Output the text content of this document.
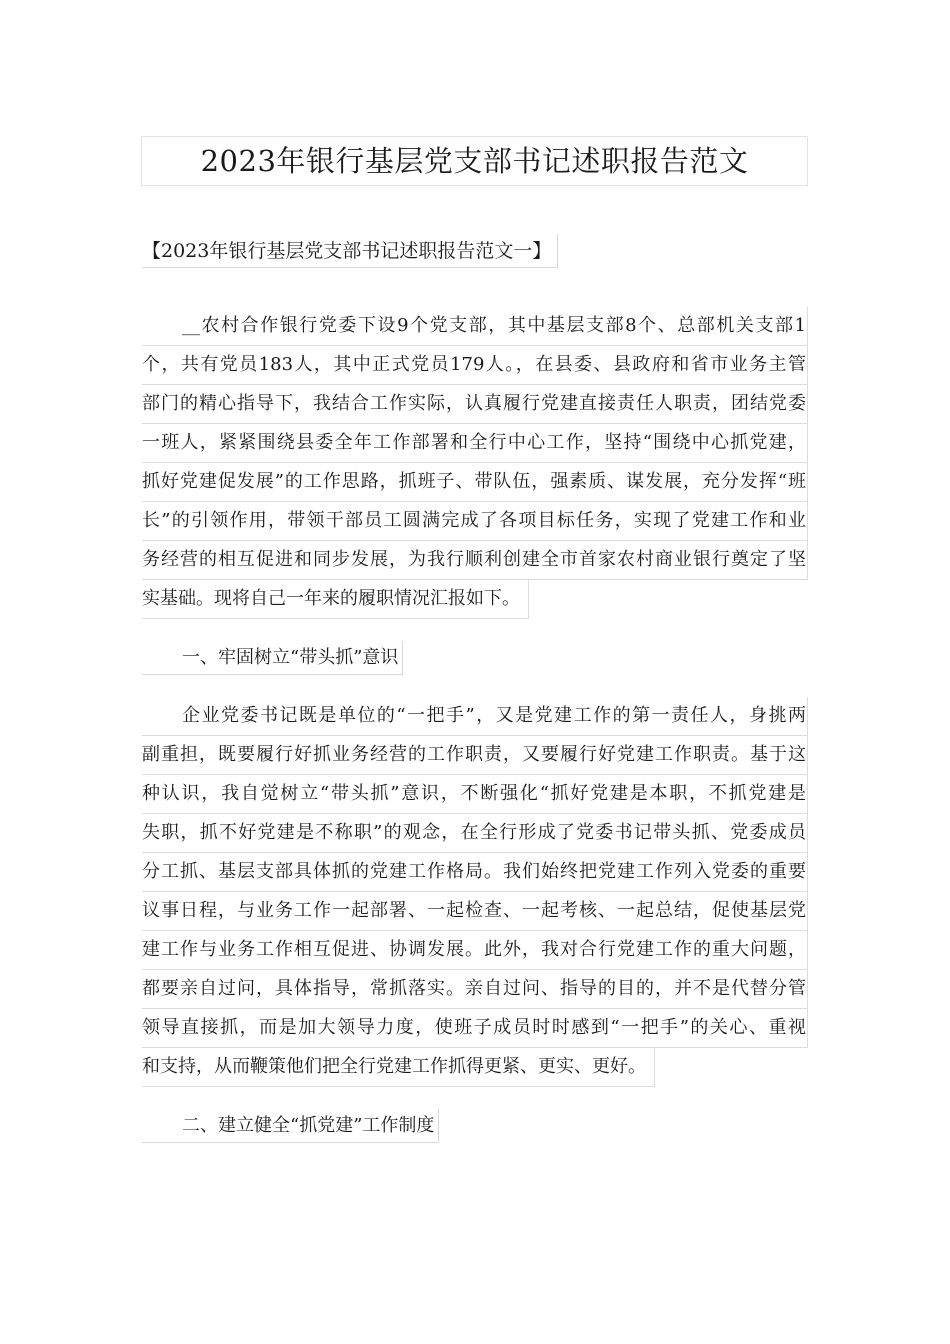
2023年银行基层党支部书记述职报告范文
【2023年银行基层党支部书记述职报告范文一】
__农村合作银行党委下设9个党支部，其中基层支部8个、总部机关支部1
个，共有党员183人，其中正式党员179人。，在县委、县政府和省市业务主管
部门的精心指导下，我结合工作实际，认真履行党建直接责任人职责，团结党委
一班人，紧紧围绕县委全年工作部署和全行中心工作，坚持“围绕中心抓党建，
抓好党建促发展”的工作思路，抓班子、带队伍，强素质、谋发展，充分发挥“班
长”的引领作用，带领干部员工圆满完成了各项目标任务，实现了党建工作和业
务经营的相互促进和同步发展，为我行顺利创建全市首家农村商业银行奠定了坚
实基础。现将自己一年来的履职情况汇报如下。
一、牢固树立“带头抓”意识
企业党委书记既是单位的“一把手”，又是党建工作的第一责任人，身挑两
副重担，既要履行好抓业务经营的工作职责，又要履行好党建工作职责。基于这
种认识，我自觉树立“带头抓”意识，不断强化“抓好党建是本职，不抓党建是
失职，抓不好党建是不称职”的观念，在全行形成了党委书记带头抓、党委成员
分工抓、基层支部具体抓的党建工作格局。我们始终把党建工作列入党委的重要
议事日程，与业务工作一起部署、一起检查、一起考核、一起总结，促使基层党
建工作与业务工作相互促进、协调发展。此外，我对合行党建工作的重大问题，
都要亲自过问，具体指导，常抓落实。亲自过问、指导的目的，并不是代替分管
领导直接抓，而是加大领导力度，使班子成员时时感到“一把手”的关心、重视
和支持，从而鞭策他们把全行党建工作抓得更紧、更实、更好。
二、建立健全“抓党建”工作制度
